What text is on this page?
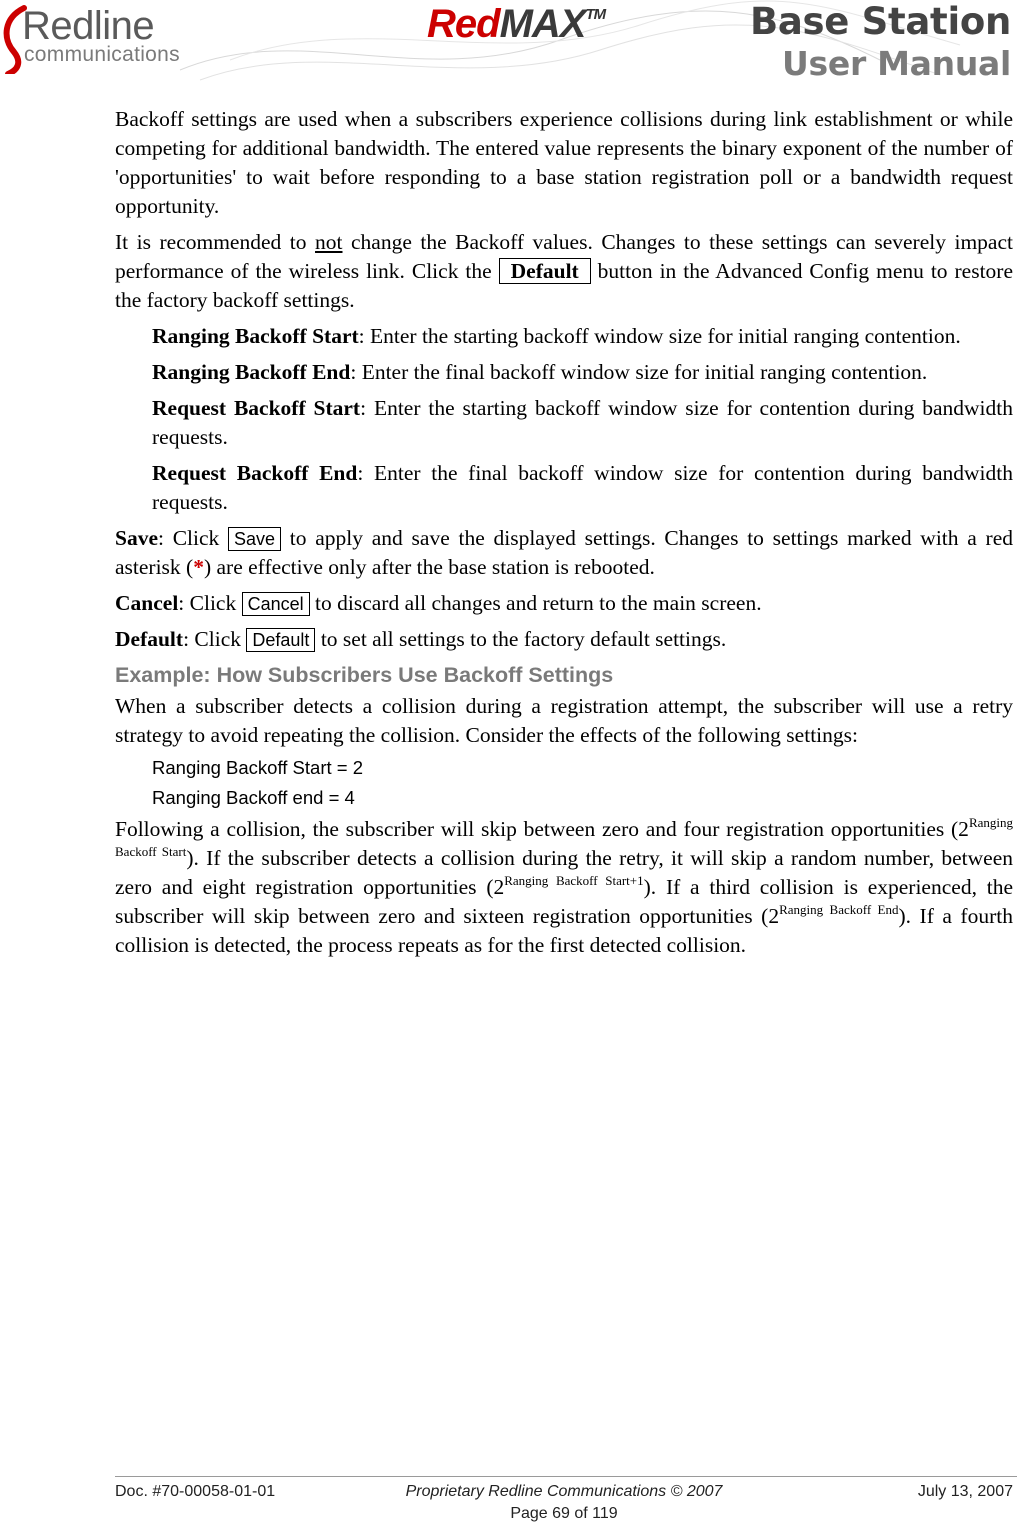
Redline
communications
RedMAX™	Base Station
User Manual

Backoff settings are used when a subscribers experience collisions during link establishment or while competing for additional bandwidth. The entered value represents the binary exponent of the number of 'opportunities' to wait before responding to a base station registration poll or a bandwidth request opportunity.

It is recommended to not change the Backoff values. Changes to these settings can severely impact performance of the wireless link. Click the Default button in the Advanced Config menu to restore the factory backoff settings.

Ranging Backoff Start: Enter the starting backoff window size for initial ranging contention.

Ranging Backoff End: Enter the final backoff window size for initial ranging contention.

Request Backoff Start: Enter the starting backoff window size for contention during bandwidth requests.

Request Backoff End: Enter the final backoff window size for contention during bandwidth requests.

Save: Click Save to apply and save the displayed settings. Changes to settings marked with a red asterisk (*) are effective only after the base station is rebooted.

Cancel: Click Cancel to discard all changes and return to the main screen.

Default: Click Default to set all settings to the factory default settings.

Example: How Subscribers Use Backoff Settings

When a subscriber detects a collision during a registration attempt, the subscriber will use a retry strategy to avoid repeating the collision. Consider the effects of the following settings:

Ranging Backoff Start = 2
Ranging Backoff end = 4

Following a collision, the subscriber will skip between zero and four registration opportunities $(2^{Ranging Backoff Start})$. If the subscriber detects a collision during the retry, it will skip a random number, between zero and eight registration opportunities $(2^{Ranging Backoff Start+1})$. If a third collision is experienced, the subscriber will skip between zero and sixteen registration opportunities $(2^{Ranging Backoff End})$. If a fourth collision is detected, the process repeats as for the first detected collision.

Doc. #70-00058-01-01	Proprietary Redline Communications © 2007	July 13, 2007
Page 69 of 119
